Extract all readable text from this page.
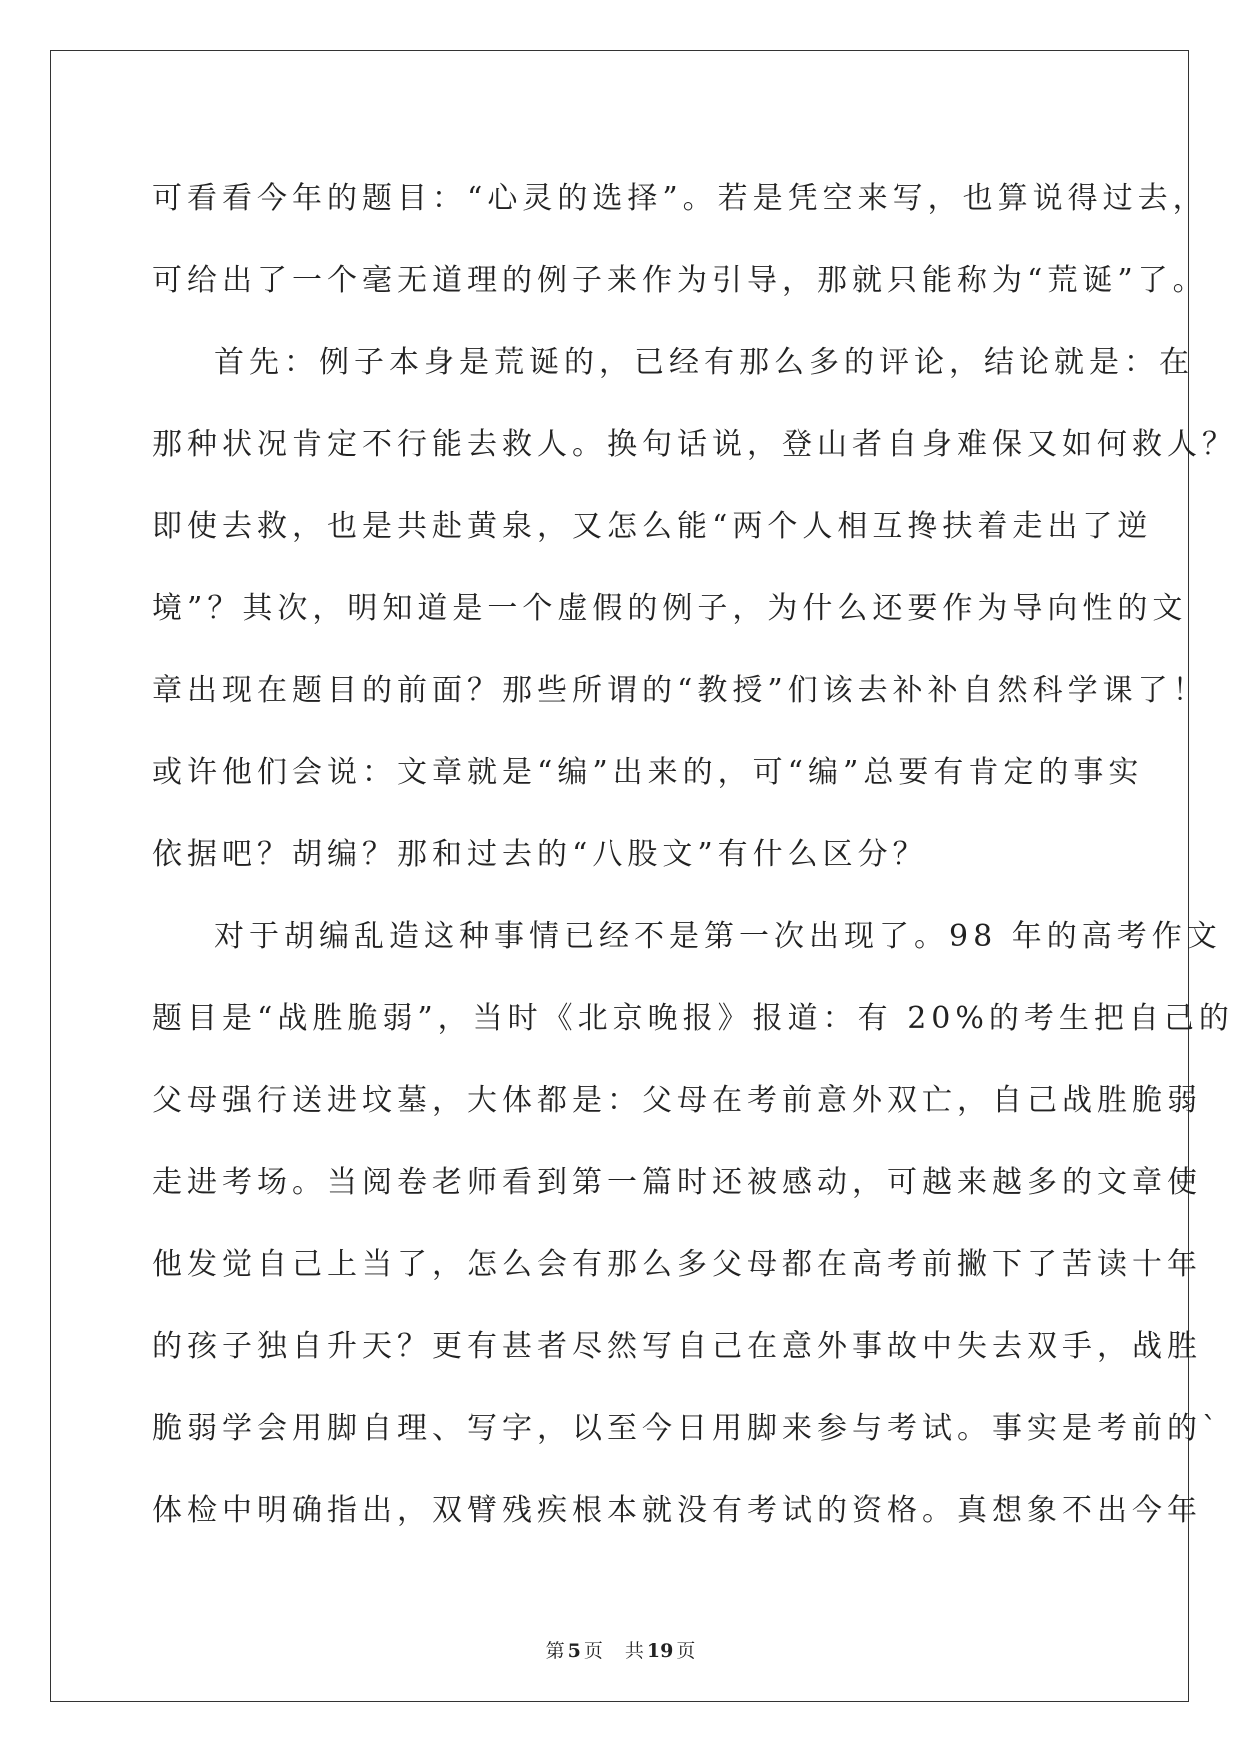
可看看今年的题目：“心灵的选择”。若是凭空来写，也算说得过去，
可给出了一个毫无道理的例子来作为引导，那就只能称为“荒诞”了。
首先：例子本身是荒诞的，已经有那么多的评论，结论就是：在
那种状况肯定不行能去救人。换句话说，登山者自身难保又如何救人？
即使去救，也是共赴黄泉，又怎么能“两个人相互搀扶着走出了逆
境”？其次，明知道是一个虚假的例子，为什么还要作为导向性的文
章出现在题目的前面？那些所谓的“教授”们该去补补自然科学课了！
或许他们会说：文章就是“编”出来的，可“编”总要有肯定的事实
依据吧？胡编？那和过去的“八股文”有什么区分？
对于胡编乱造这种事情已经不是第一次出现了。98 年的高考作文
题目是“战胜脆弱”，当时《北京晚报》报道：有 20%的考生把自己的
父母强行送进坟墓，大体都是：父母在考前意外双亡，自己战胜脆弱
走进考场。当阅卷老师看到第一篇时还被感动，可越来越多的文章使
他发觉自己上当了，怎么会有那么多父母都在高考前撇下了苦读十年
的孩子独自升天？更有甚者尽然写自己在意外事故中失去双手，战胜
脆弱学会用脚自理、写字，以至今日用脚来参与考试。事实是考前的`
体检中明确指出，双臂残疾根本就没有考试的资格。真想象不出今年
第 5 页 共 19 页
